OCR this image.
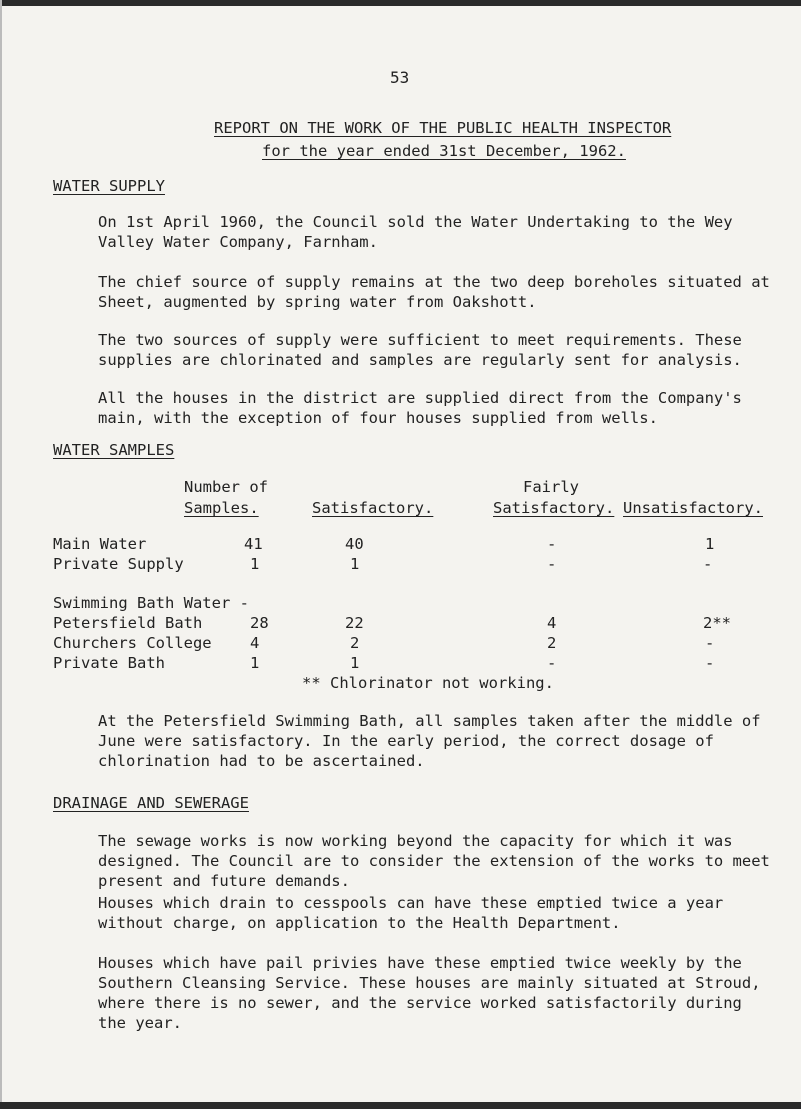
53
REPORT ON THE WORK OF THE PUBLIC HEALTH INSPECTOR
for the year ended 31st December, 1962.
WATER SUPPLY

On 1st April 1960, the Council sold the Water Undertaking to the Wey Valley Water Company, Farnham.

The chief source of supply remains at the two deep boreholes situated at Sheet, augmented by spring water from Oakshott.

The two sources of supply were sufficient to meet requirements. These supplies are chlorinated and samples are regularly sent for analysis.

All the houses in the district are supplied direct from the Company's main, with the exception of four houses supplied from wells.

WATER SAMPLES
Number of
Samples.	Satisfactory.
Fairly
Satisfactory. Unsatisfactory.
Main Water	41	40	-	1
Private Supply	1	1	-	-
Swimming Bath Water -
Petersfield Bath	28	22	4	2**
Churchers College 4	2	2	-
Private Bath	1	1	-	-
** Chlorinator not working.

At the Petersfield Swimming Bath, all samples taken after the middle of June were satisfactory. In the early period, the correct dosage of chlorination had to be ascertained.

DRAINAGE AND SEWERAGE

The sewage works is now working beyond the capacity for which it was designed. The Council are to consider the extension of the works to meet present and future demands.

Houses which drain to cesspools can have these emptied twice a year without charge, on application to the Health Department.

Houses which have pail privies have these emptied twice weekly by the Southern Cleansing Service. These houses are mainly situated at Stroud, where there is no sewer, and the service worked satisfactorily during the year.
